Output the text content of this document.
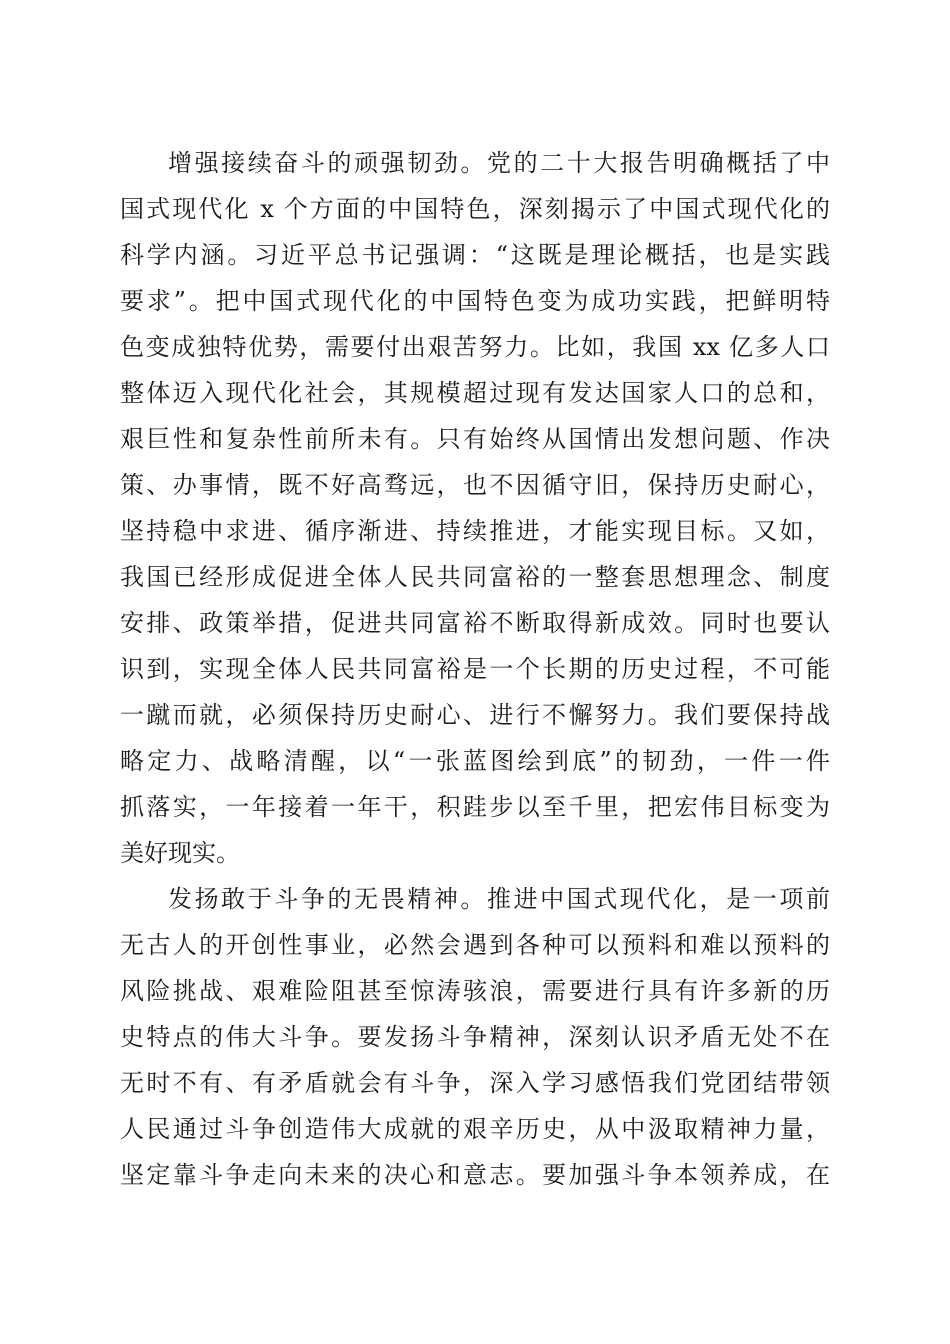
增强接续奋斗的顽强韧劲。党的二十大报告明确概括了中
国式现代化 x 个方面的中国特色，深刻揭示了中国式现代化的
科学内涵。习近平总书记强调：“这既是理论概括，也是实践
要求”。把中国式现代化的中国特色变为成功实践，把鲜明特
色变成独特优势，需要付出艰苦努力。比如，我国 xx 亿多人口
整体迈入现代化社会，其规模超过现有发达国家人口的总和，
艰巨性和复杂性前所未有。只有始终从国情出发想问题、作决
策、办事情，既不好高骛远，也不因循守旧，保持历史耐心，
坚持稳中求进、循序渐进、持续推进，才能实现目标。又如，
我国已经形成促进全体人民共同富裕的一整套思想理念、制度
安排、政策举措，促进共同富裕不断取得新成效。同时也要认
识到，实现全体人民共同富裕是一个长期的历史过程，不可能
一蹴而就，必须保持历史耐心、进行不懈努力。我们要保持战
略定力、战略清醒，以“一张蓝图绘到底”的韧劲，一件一件
抓落实，一年接着一年干，积跬步以至千里，把宏伟目标变为
美好现实。
发扬敢于斗争的无畏精神。推进中国式现代化，是一项前
无古人的开创性事业，必然会遇到各种可以预料和难以预料的
风险挑战、艰难险阻甚至惊涛骇浪，需要进行具有许多新的历
史特点的伟大斗争。要发扬斗争精神，深刻认识矛盾无处不在
无时不有、有矛盾就会有斗争，深入学习感悟我们党团结带领
人民通过斗争创造伟大成就的艰辛历史，从中汲取精神力量，
坚定靠斗争走向未来的决心和意志。要加强斗争本领养成，在
